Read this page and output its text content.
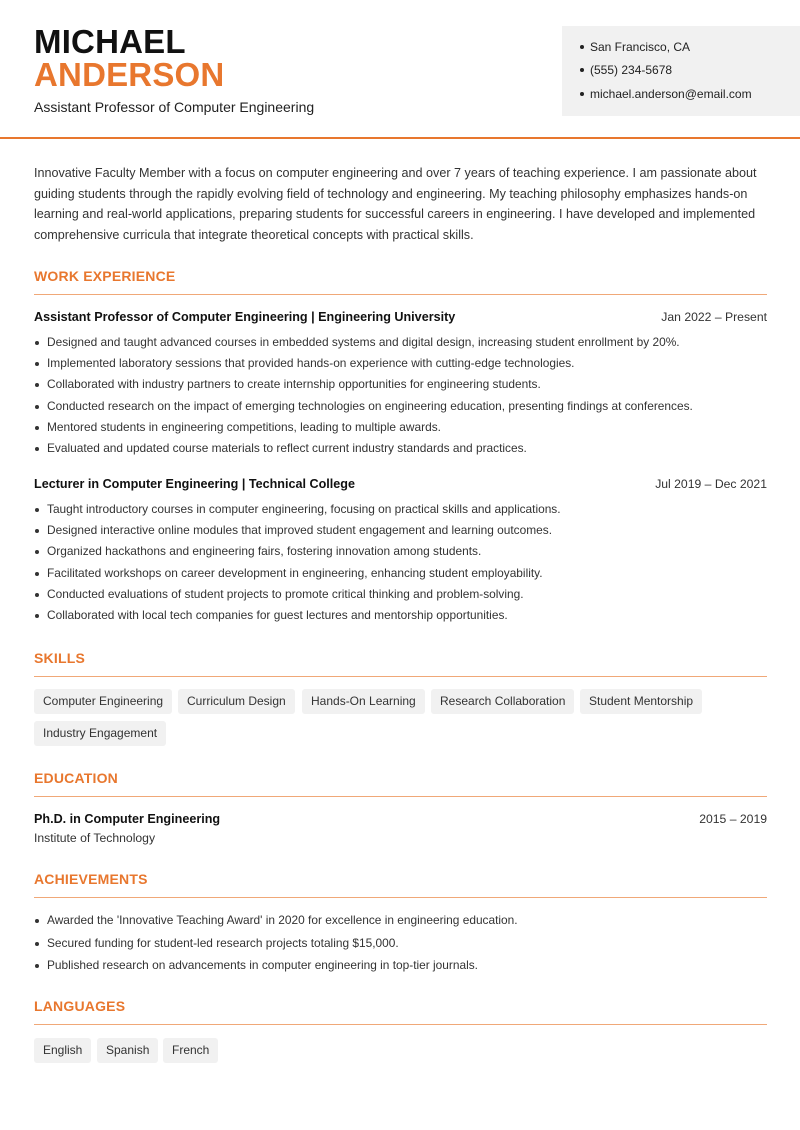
MICHAEL
ANDERSON
Assistant Professor of Computer Engineering
San Francisco, CA
(555) 234-5678
michael.anderson@email.com
Innovative Faculty Member with a focus on computer engineering and over 7 years of teaching experience. I am passionate about guiding students through the rapidly evolving field of technology and engineering. My teaching philosophy emphasizes hands-on learning and real-world applications, preparing students for successful careers in engineering. I have developed and implemented comprehensive curricula that integrate theoretical concepts with practical skills.
WORK EXPERIENCE
Assistant Professor of Computer Engineering | Engineering University	Jan 2022 – Present
Designed and taught advanced courses in embedded systems and digital design, increasing student enrollment by 20%.
Implemented laboratory sessions that provided hands-on experience with cutting-edge technologies.
Collaborated with industry partners to create internship opportunities for engineering students.
Conducted research on the impact of emerging technologies on engineering education, presenting findings at conferences.
Mentored students in engineering competitions, leading to multiple awards.
Evaluated and updated course materials to reflect current industry standards and practices.
Lecturer in Computer Engineering | Technical College	Jul 2019 – Dec 2021
Taught introductory courses in computer engineering, focusing on practical skills and applications.
Designed interactive online modules that improved student engagement and learning outcomes.
Organized hackathons and engineering fairs, fostering innovation among students.
Facilitated workshops on career development in engineering, enhancing student employability.
Conducted evaluations of student projects to promote critical thinking and problem-solving.
Collaborated with local tech companies for guest lectures and mentorship opportunities.
SKILLS
Computer Engineering	Curriculum Design	Hands-On Learning	Research Collaboration	Student Mentorship
Industry Engagement
EDUCATION
Ph.D. in Computer Engineering	2015 – 2019
Institute of Technology
ACHIEVEMENTS
Awarded the 'Innovative Teaching Award' in 2020 for excellence in engineering education.
Secured funding for student-led research projects totaling $15,000.
Published research on advancements in computer engineering in top-tier journals.
LANGUAGES
English	Spanish	French
